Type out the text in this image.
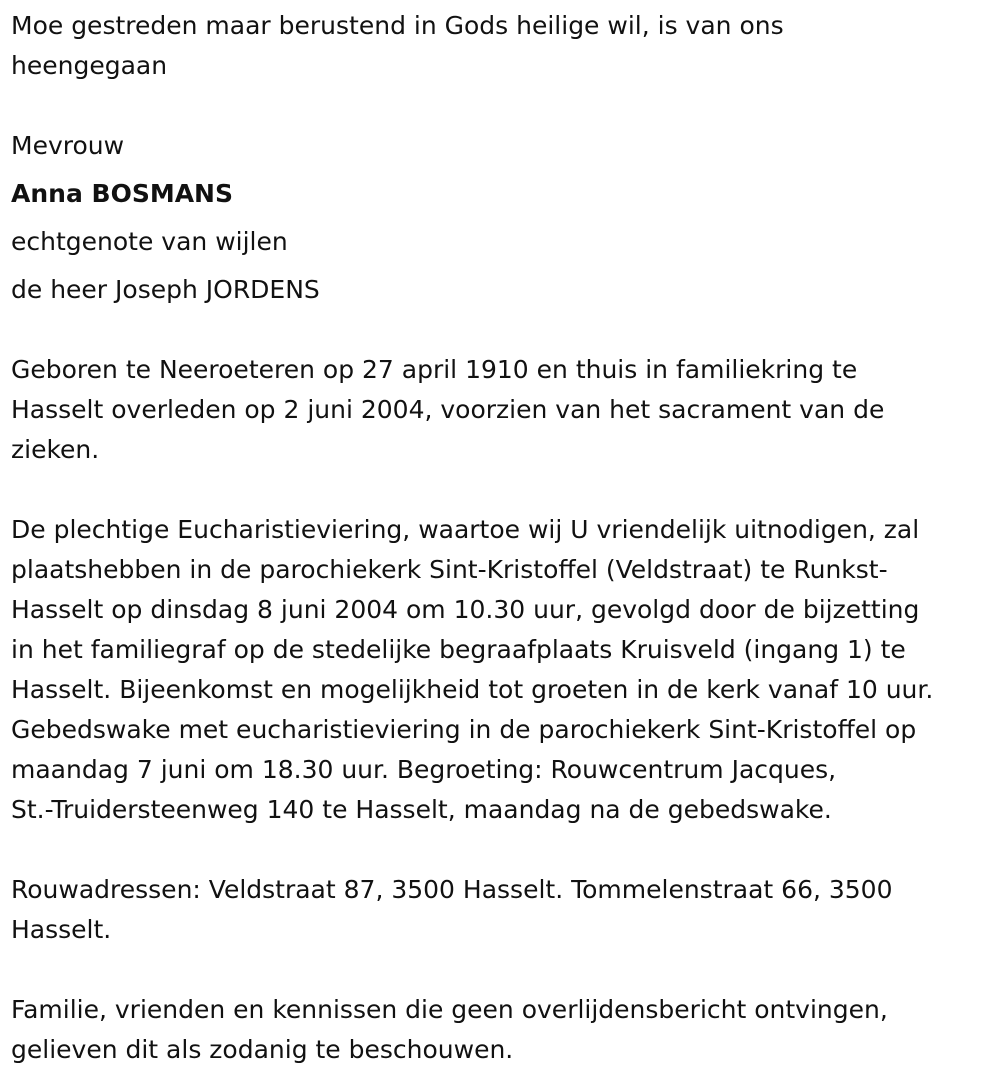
Moe gestreden maar berustend in Gods heilige wil, is van ons

heengegaan

Mevrouw

Anna BOSMANS

echtgenote van wijlen

de heer Joseph JORDENS

Geboren te Neeroeteren op 27 april 1910 en thuis in familiekring te

Hasselt overleden op 2 juni 2004, voorzien van het sacrament van de

zieken.

De plechtige Eucharistieviering, waartoe wij U vriendelijk uitnodigen, zal

plaatshebben in de parochiekerk Sint-Kristoffel (Veldstraat) te Runkst-

Hasselt op dinsdag 8 juni 2004 om 10.30 uur, gevolgd door de bijzetting

in het familiegraf op de stedelijke begraafplaats Kruisveld (ingang 1) te

Hasselt. Bijeenkomst en mogelijkheid tot groeten in de kerk vanaf 10 uur.

Gebedswake met eucharistieviering in de parochiekerk Sint-Kristoffel op

maandag 7 juni om 18.30 uur. Begroeting: Rouwcentrum Jacques,

St.-Truidersteenweg 140 te Hasselt, maandag na de gebedswake.

Rouwadressen: Veldstraat 87, 3500 Hasselt. Tommelenstraat 66, 3500

Hasselt.

Familie, vrienden en kennissen die geen overlijdensbericht ontvingen,

gelieven dit als zodanig te beschouwen.
